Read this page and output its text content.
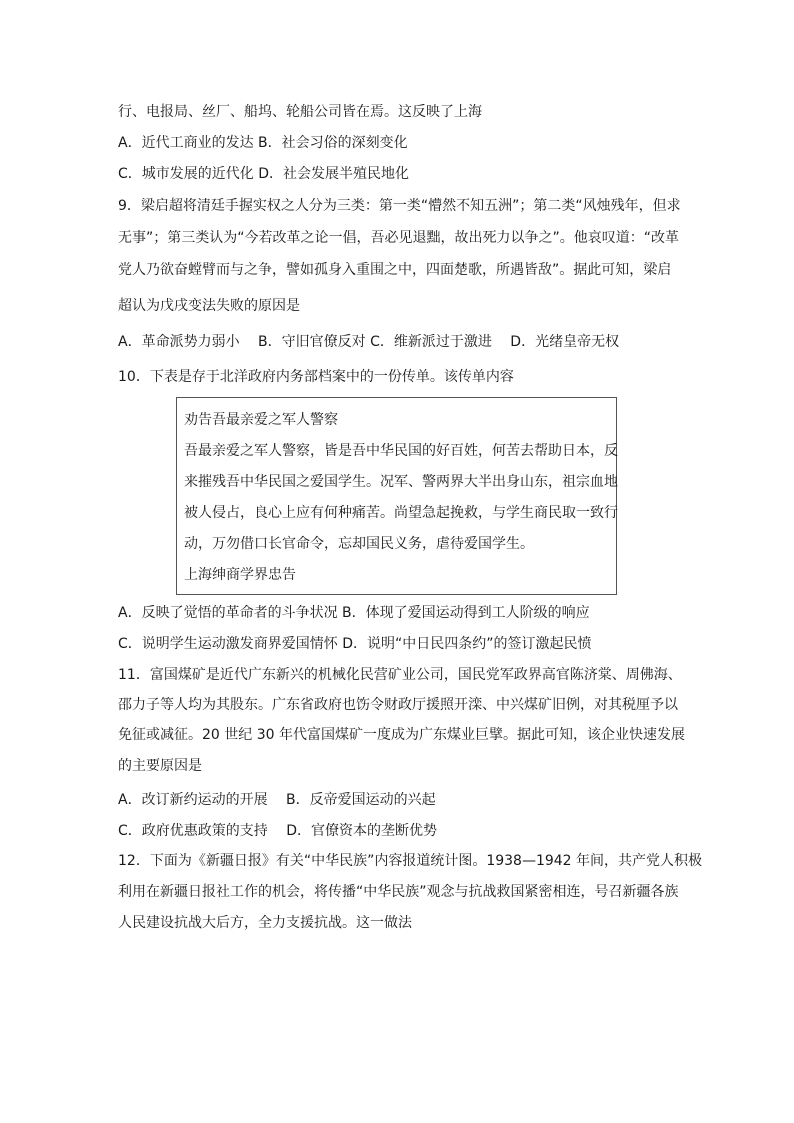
行、电报局、丝厂、船坞、轮船公司皆在焉。这反映了上海
A．近代工商业的发达 B．社会习俗的深刻变化
C．城市发展的近代化 D．社会发展半殖民地化
9．梁启超将清廷手握实权之人分为三类：第一类“懵然不知五洲”；第二类“风烛残年，但求
无事”；第三类认为“今若改革之论一倡，吾必见退黜，故出死力以争之”。他哀叹道：“改革
党人乃欲奋螳臂而与之争，譬如孤身入重围之中，四面楚歌，所遇皆敌”。据此可知，梁启
超认为戊戌变法失败的原因是
A．革命派势力弱小　 B．守旧官僚反对 C．维新派过于激进　 D．光绪皇帝无权
10．下表是存于北洋政府内务部档案中的一份传单。该传单内容
劝告吾最亲爱之军人警察
吾最亲爱之军人警察，皆是吾中华民国的好百姓，何苦去帮助日本，反
来摧残吾中华民国之爱国学生。况军、警两界大半出身山东，祖宗血地
被人侵占，良心上应有何种痛苦。尚望急起挽救，与学生商民取一致行
动，万勿借口长官命令，忘却国民义务，虐待爱国学生。
上海绅商学界忠告
A．反映了觉悟的革命者的斗争状况 B．体现了爱国运动得到工人阶级的响应
C．说明学生运动激发商界爱国情怀 D．说明“中日民四条约”的签订激起民愤
11．富国煤矿是近代广东新兴的机械化民营矿业公司，国民党军政界高官陈济棠、周佛海、
邵力子等人均为其股东。广东省政府也饬令财政厅援照开滦、中兴煤矿旧例，对其税厘予以
免征或减征。20 世纪 30 年代富国煤矿一度成为广东煤业巨擘。据此可知，该企业快速发展
的主要原因是
A．改订新约运动的开展　 B．反帝爱国运动的兴起
C．政府优惠政策的支持　 D．官僚资本的垄断优势
12．下面为《新疆日报》有关“中华民族”内容报道统计图。1938—1942 年间，共产党人积极
利用在新疆日报社工作的机会，将传播“中华民族”观念与抗战救国紧密相连，号召新疆各族
人民建设抗战大后方，全力支援抗战。这一做法
